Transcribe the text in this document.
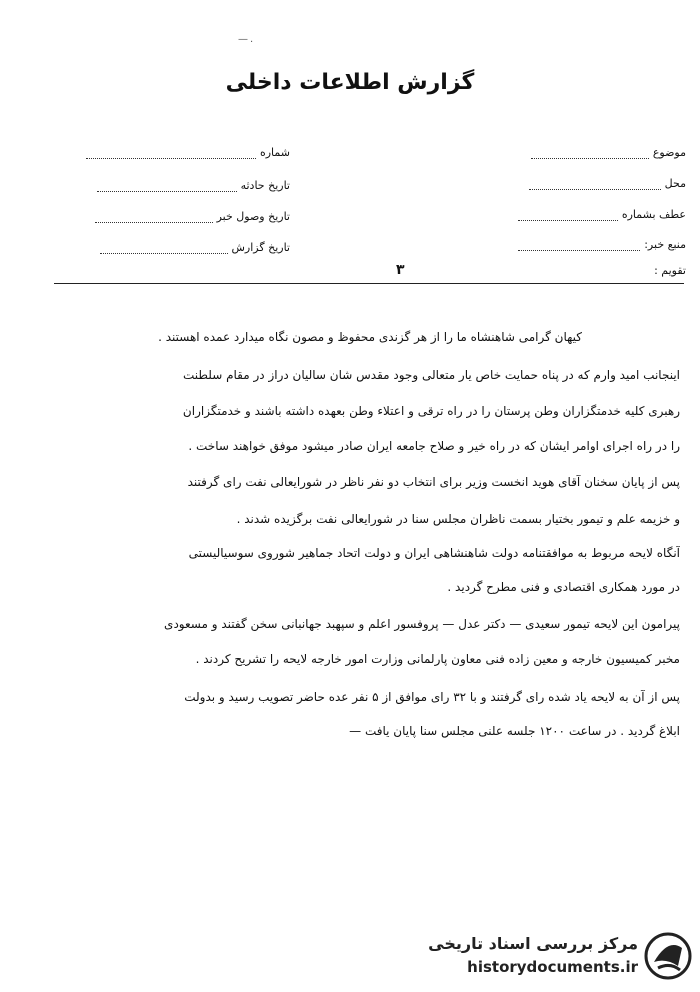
—.
گزارش اطلاعات داخلی
موضوع
محل
عطف بشماره
منبع خبر:
تقویم :
شماره
تاریخ حادثه
تاریخ وصول خبر
تاریخ گزارش
۳
کیهان گرامی شاهنشاه ما را از هر گزندی محفوظ و مصون نگاه میدارد عمده اهستند .
اینجانب امید وارم که در پناه حمایت خاص یار متعالی وجود مقدس شان سالیان دراز در مقام سلطنت
رهبری کلیه خدمتگزاران وطن پرستان را در راه ترقی و اعتلاء وطن بعهده داشته باشند و خدمتگزاران
را در راه اجرای اوامر ایشان که در راه خیر و صلاح جامعه ایران صادر میشود موفق خواهند ساخت .
پس از پایان سخنان آقای هوید انخست وزیر برای انتخاب دو نفر ناظر در شورایعالی نفت رای گرفتند
و خزیمه علم و تیمور بختیار بسمت ناظران مجلس سنا در شورایعالی نفت برگزیده شدند .
آنگاه لایحه مربوط به موافقتنامه دولت شاهنشاهی ایران و دولت اتحاد جماهیر شوروی سوسیالیستی
در مورد همکاری اقتصادی و فنی مطرح گردید .
پیرامون این لایحه تیمور سعیدی — دکتر عدل — پروفسور اعلم و سپهبد جهانبانی سخن گفتند و مسعودی
مخبر کمیسیون خارجه و معین زاده فنی معاون پارلمانی وزارت امور خارجه لایحه را تشریح کردند .
پس از آن به لایحه یاد شده رای گرفتند و با ۳۲ رای موافق از ۵ نفر عده حاضر تصویب رسید و بدولت
ابلاغ گردید . در ساعت ۱۲۰۰ جلسه علنی مجلس سنا پایان یافت —
مرکز بررسی اسناد تاریخی
historydocuments.ir
